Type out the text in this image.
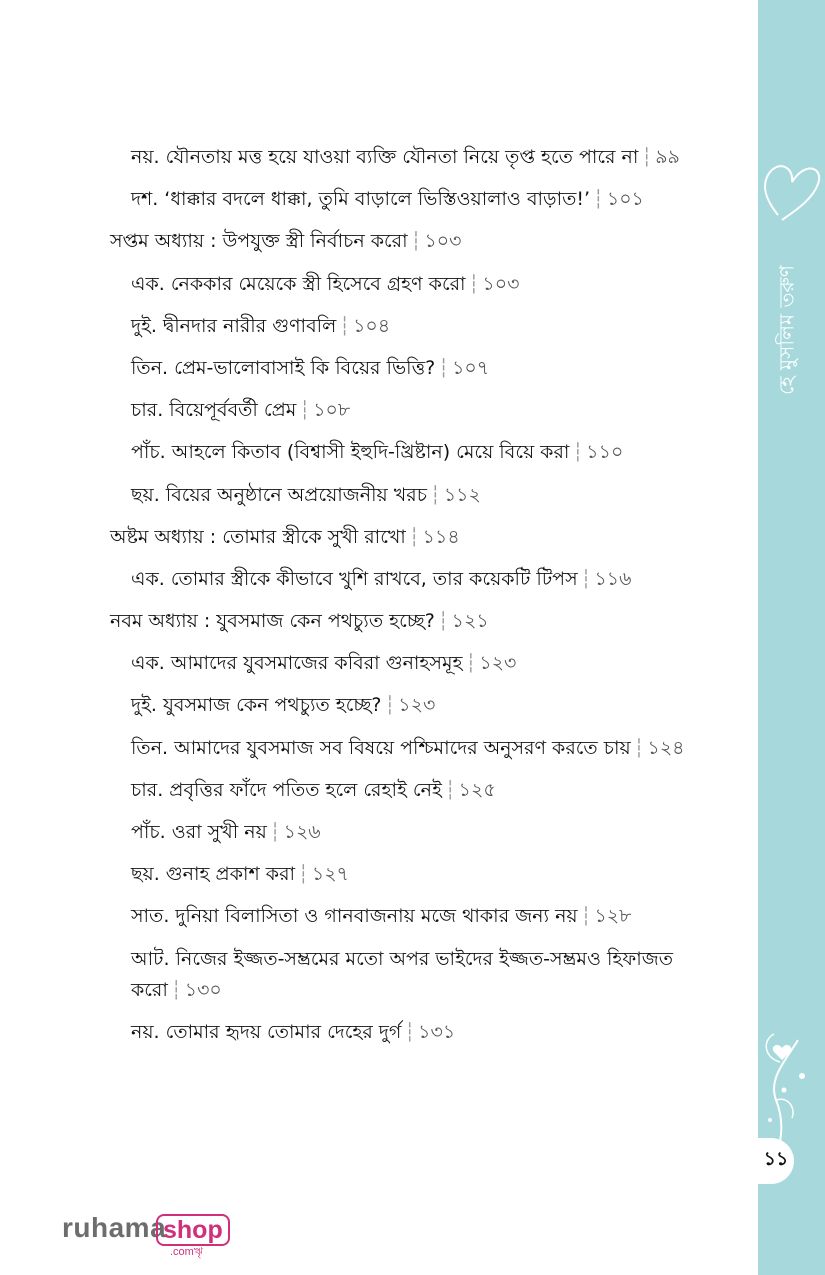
নয়. যৌনতায় মত্ত হয়ে যাওয়া ব্যক্তি যৌনতা নিয়ে তৃপ্ত হতে পারে না ┆ ৯৯
দশ. ‘ধাক্কার বদলে ধাক্কা, তুমি বাড়ালে ভিস্তিওয়ালাও বাড়াত!’ ┆ ১০১
সপ্তম অধ্যায় : উপযুক্ত স্ত্রী নির্বাচন করো ┆ ১০৩
এক. নেককার মেয়েকে স্ত্রী হিসেবে গ্রহণ করো ┆ ১০৩
দুই. দ্বীনদার নারীর গুণাবলি ┆ ১০৪
তিন. প্রেম-ভালোবাসাই কি বিয়ের ভিত্তি? ┆ ১০৭
চার. বিয়েপূর্ববর্তী প্রেম ┆ ১০৮
পাঁচ. আহলে কিতাব (বিশ্বাসী ইহুদি-খ্রিষ্টান) মেয়ে বিয়ে করা ┆ ১১০
ছয়. বিয়ের অনুষ্ঠানে অপ্রয়োজনীয় খরচ ┆ ১১২
অষ্টম অধ্যায় : তোমার স্ত্রীকে সুখী রাখো ┆ ১১৪
এক. তোমার স্ত্রীকে কীভাবে খুশি রাখবে, তার কয়েকটি টিপস ┆ ১১৬
নবম অধ্যায় : যুবসমাজ কেন পথচ্যুত হচ্ছে? ┆ ১২১
এক. আমাদের যুবসমাজের কবিরা গুনাহসমূহ ┆ ১২৩
দুই. যুবসমাজ কেন পথচ্যুত হচ্ছে? ┆ ১২৩
তিন. আমাদের যুবসমাজ সব বিষয়ে পশ্চিমাদের অনুসরণ করতে চায় ┆ ১২৪
চার. প্রবৃত্তির ফাঁদে পতিত হলে রেহাই নেই ┆ ১২৫
পাঁচ. ওরা সুখী নয় ┆ ১২৬
ছয়. গুনাহ প্রকাশ করা ┆ ১২৭
সাত. দুনিয়া বিলাসিতা ও গানবাজনায় মজে থাকার জন্য নয় ┆ ১২৮
আট. নিজের ইজ্জত-সম্ভ্রমের মতো অপর ভাইদের ইজ্জত-সম্ভ্রমও হিফাজত করো ┆ ১৩০
নয়. তোমার হৃদয় তোমার দেহের দুর্গ ┆ ১৩১
হে মুসলিম তরুণ
১১
ruhama
shop
.comৠ
